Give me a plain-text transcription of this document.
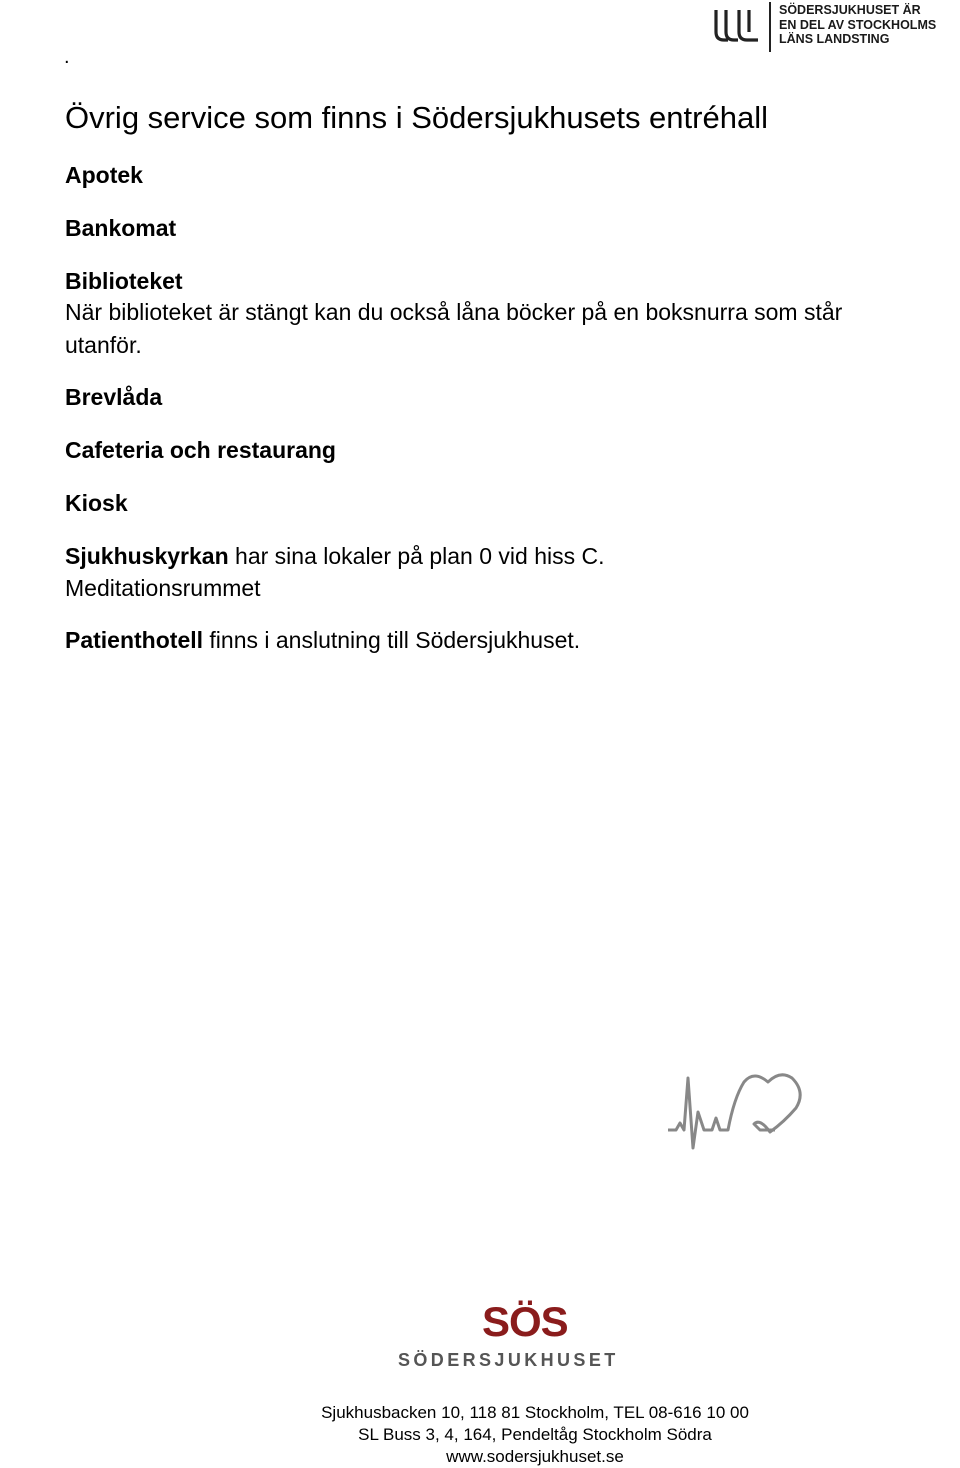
.
SÖDERSJUKHUSET ÄR
EN DEL AV STOCKHOLMS
LÄNS LANDSTING
Övrig service som finns i Södersjukhusets entréhall

Apotek

Bankomat

Biblioteket

När biblioteket är stängt kan du också låna böcker på en boksnurra som står

utanför.

Brevlåda

Cafeteria och restaurang

Kiosk

Sjukhuskyrkan har sina lokaler på plan 0 vid hiss C.

Meditationsrummet

Patienthotell finns i anslutning till Södersjukhuset.

SÖS
SÖDERSJUKHUSET
Sjukhusbacken 10, 118 81 Stockholm, TEL 08-616 10 00
SL Buss 3, 4, 164, Pendeltåg Stockholm Södra
www.sodersjukhuset.se
